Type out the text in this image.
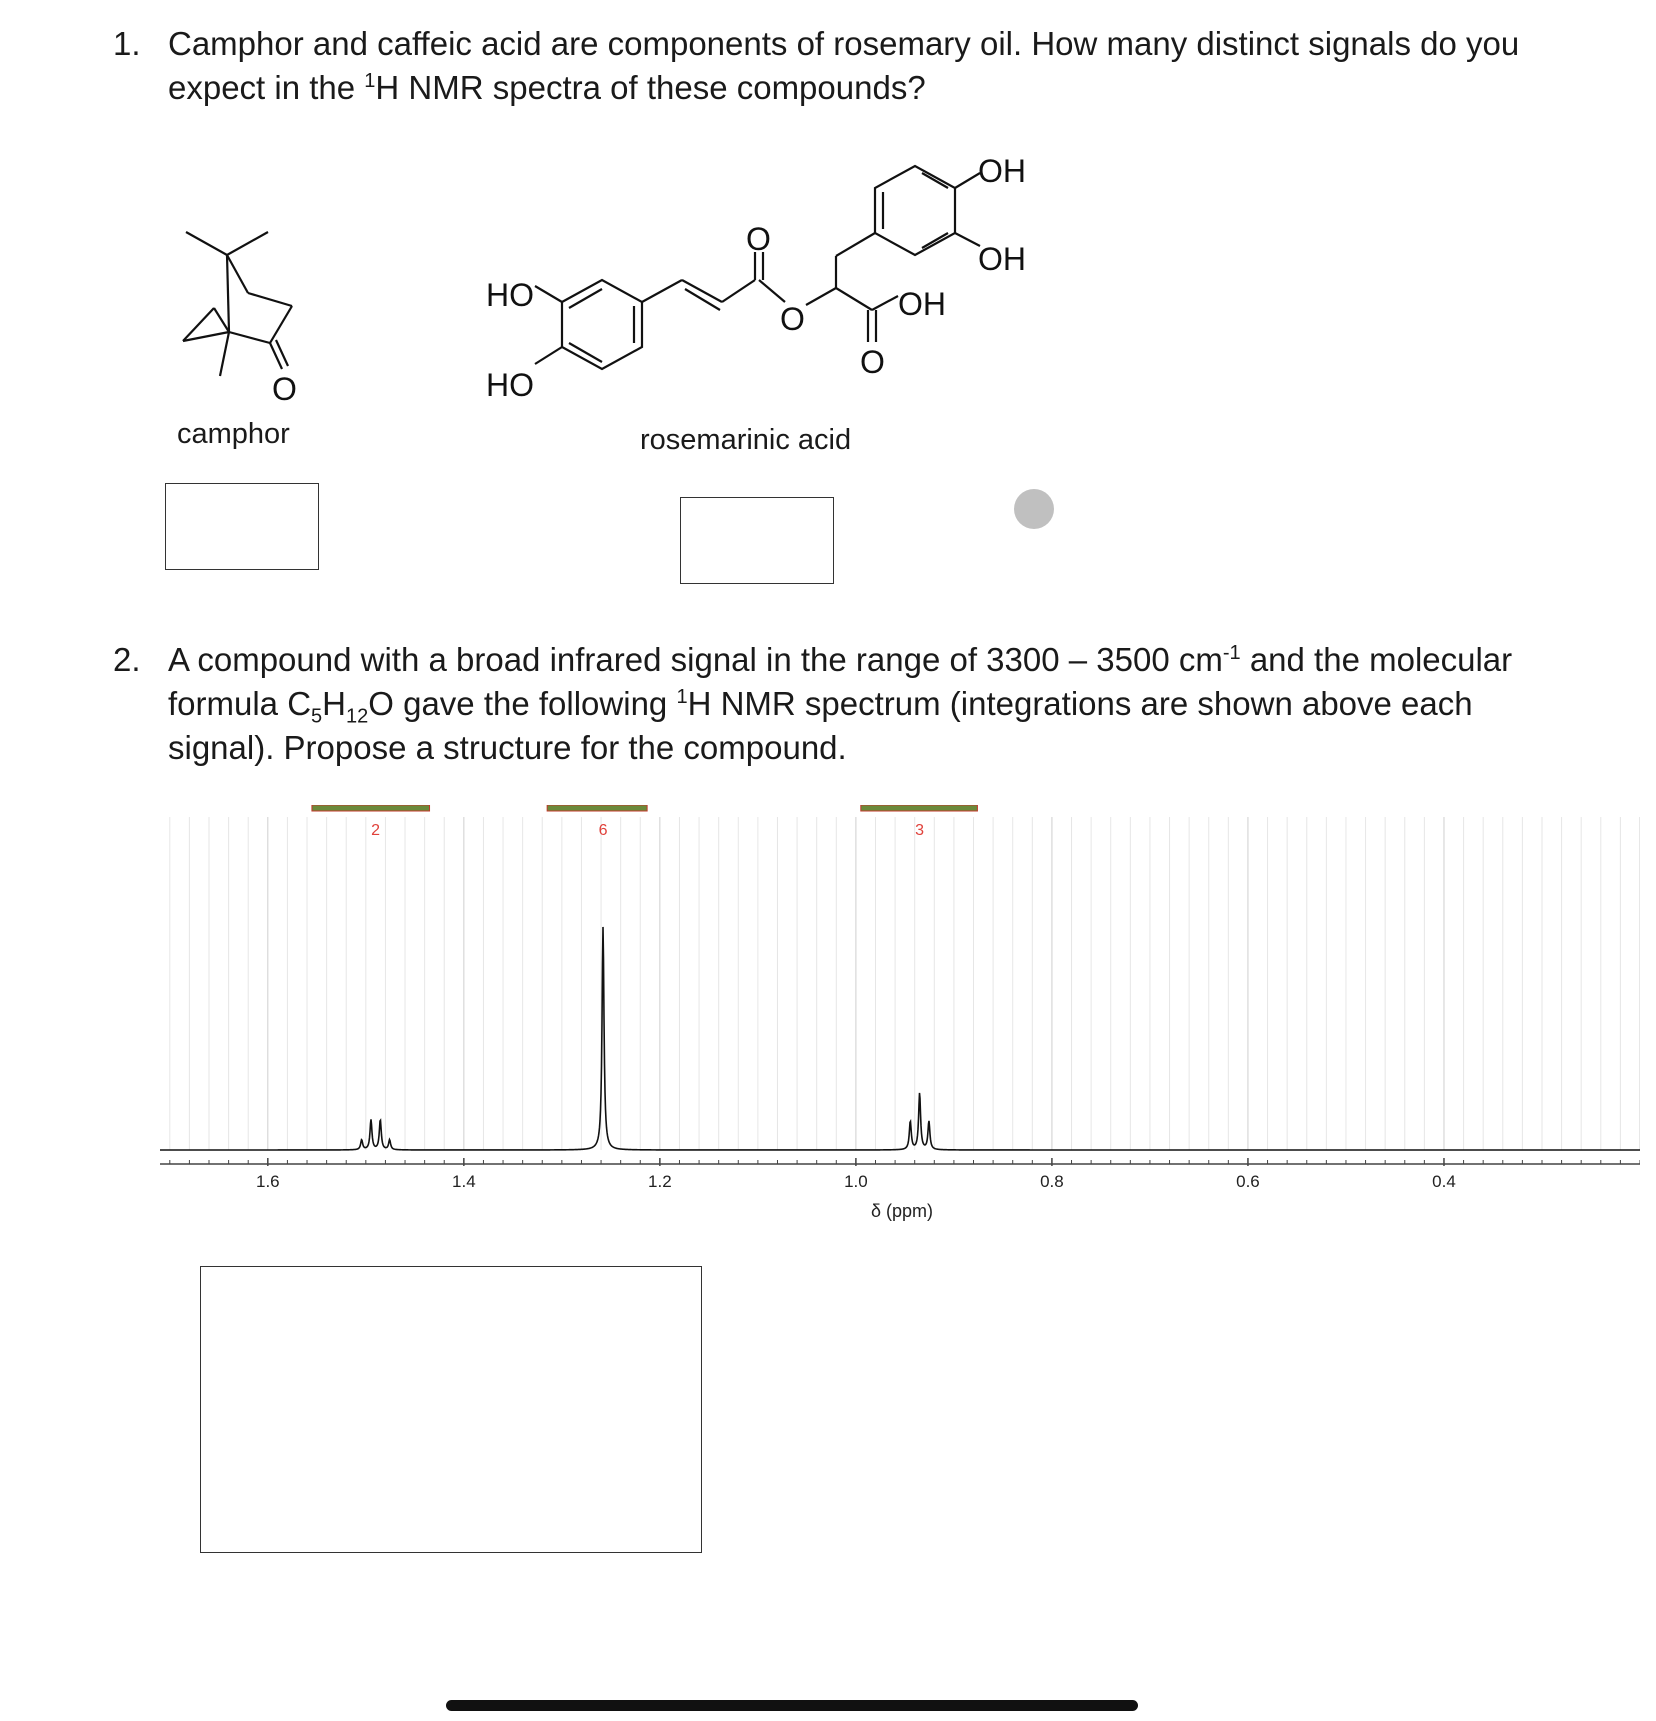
1. Camphor and caffeic acid are components of rosemary oil. How many distinct signals do you
expect in the $^1$H NMR spectra of these compounds?
O
camphor
HO
HO
O
O	OH
O
OH
OH
rosemarinic acid
2. A compound with a broad infrared signal in the range of 3300 – 3500 $cm^{-1}$ and the molecular
formula $C_5H_{12}O$ gave the following $^1$H NMR spectrum (integrations are shown above each
signal). Propose a structure for the compound.
2	6	3
1.6	1.4	1.2	1.0	0.8	0.6	0.4
δ (ppm)
